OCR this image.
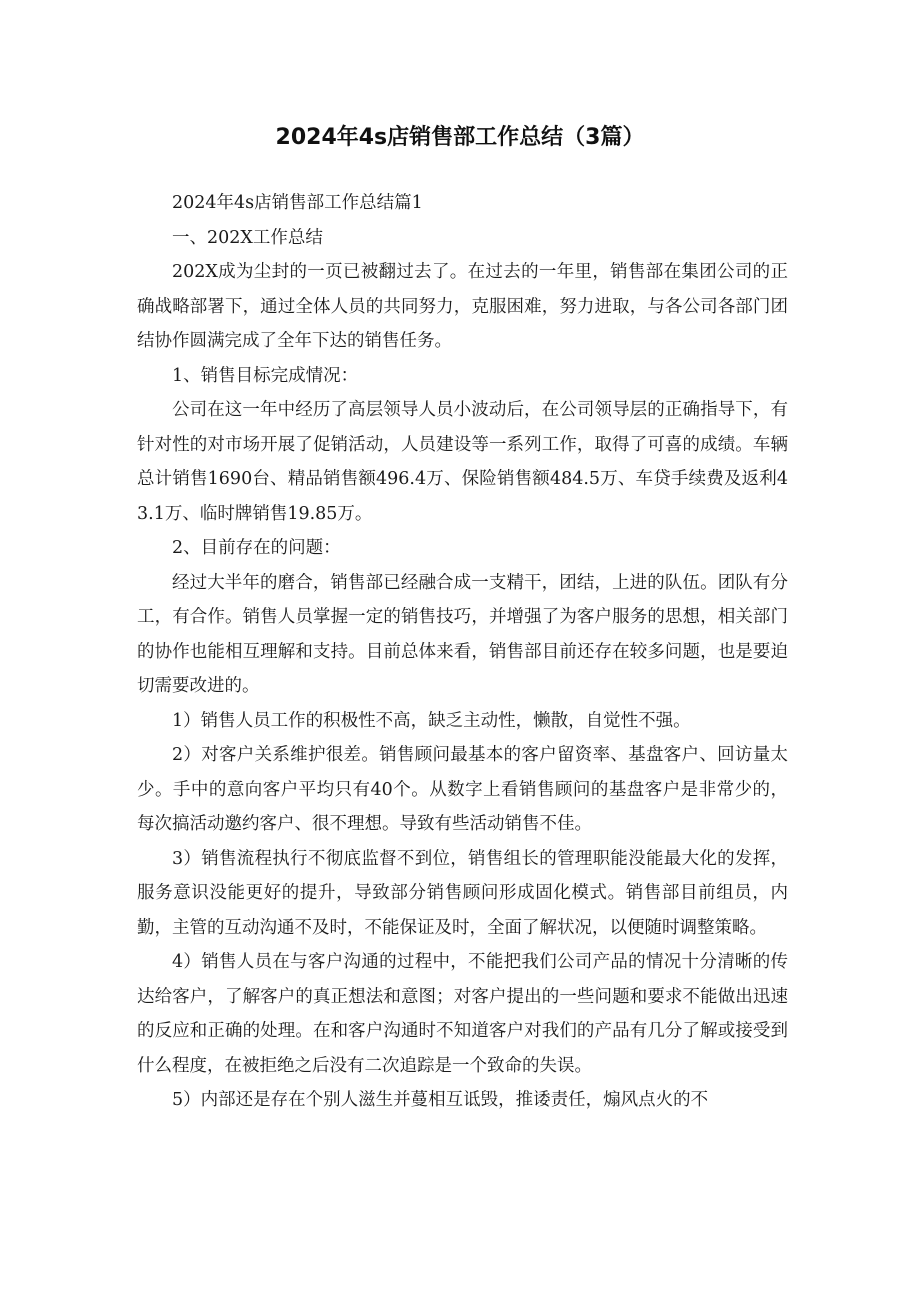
2024年4s店销售部工作总结（3篇）

2024年4s店销售部工作总结篇1

一、202X工作总结

202X成为尘封的一页已被翻过去了。在过去的一年里，销售部在集团公司的正确战略部署下，通过全体人员的共同努力，克服困难，努力进取，与各公司各部门团结协作圆满完成了全年下达的销售任务。

1、销售目标完成情况：

公司在这一年中经历了高层领导人员小波动后，在公司领导层的正确指导下，有针对性的对市场开展了促销活动，人员建设等一系列工作，取得了可喜的成绩。车辆总计销售1690台、精品销售额496.4万、保险销售额484.5万、车贷手续费及返利43.1万、临时牌销售19.85万。

2、目前存在的问题：

经过大半年的磨合，销售部已经融合成一支精干，团结，上进的队伍。团队有分工，有合作。销售人员掌握一定的销售技巧，并增强了为客户服务的思想，相关部门的协作也能相互理解和支持。目前总体来看，销售部目前还存在较多问题，也是要迫切需要改进的。

1）销售人员工作的积极性不高，缺乏主动性，懒散，自觉性不强。

2）对客户关系维护很差。销售顾问最基本的客户留资率、基盘客户、回访量太少。手中的意向客户平均只有40个。从数字上看销售顾问的基盘客户是非常少的，每次搞活动邀约客户、很不理想。导致有些活动销售不佳。

3）销售流程执行不彻底监督不到位，销售组长的管理职能没能最大化的发挥，服务意识没能更好的提升，导致部分销售顾问形成固化模式。销售部目前组员，内勤，主管的互动沟通不及时，不能保证及时，全面了解状况，以便随时调整策略。

4）销售人员在与客户沟通的过程中，不能把我们公司产品的情况十分清晰的传达给客户，了解客户的真正想法和意图；对客户提出的一些问题和要求不能做出迅速的反应和正确的处理。在和客户沟通时不知道客户对我们的产品有几分了解或接受到什么程度，在被拒绝之后没有二次追踪是一个致命的失误。

5）内部还是存在个别人滋生并蔓相互诋毁，推诿责任，煽风点火的不
